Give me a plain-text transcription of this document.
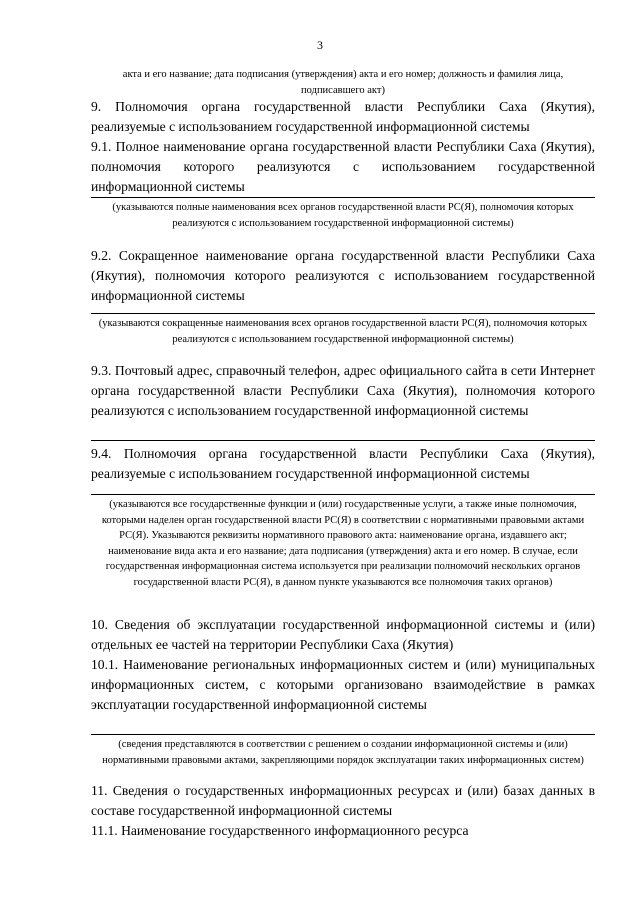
3
акта и его название; дата подписания (утверждения) акта и его номер; должность и фамилия лица, подписавшего акт)
9. Полномочия органа государственной власти Республики Саха (Якутия), реализуемые с использованием государственной информационной системы
9.1. Полное наименование органа государственной власти Республики Саха (Якутия), полномочия которого реализуются с использованием государственной информационной системы
(указываются полные наименования всех органов государственной власти РС(Я), полномочия которых реализуются с использованием государственной информационной системы)
9.2. Сокращенное наименование органа государственной власти Республики Саха (Якутия), полномочия которого реализуются с использованием государственной информационной системы
(указываются сокращенные наименования всех органов государственной власти РС(Я), полномочия которых реализуются с использованием государственной информационной системы)
9.3. Почтовый адрес, справочный телефон, адрес официального сайта в сети Интернет органа государственной власти Республики Саха (Якутия), полномочия которого реализуются с использованием государственной информационной системы
9.4. Полномочия органа государственной власти Республики Саха (Якутия), реализуемые с использованием государственной информационной системы
(указываются все государственные функции и (или) государственные услуги, а также иные полномочия, которыми наделен орган государственной власти РС(Я) в соответствии с нормативными правовыми актами РС(Я). Указываются реквизиты нормативного правового акта: наименование органа, издавшего акт; наименование вида акта и его название; дата подписания (утверждения) акта и его номер. В случае, если государственная информационная система используется при реализации полномочий нескольких органов государственной власти РС(Я), в данном пункте указываются все полномочия таких органов)
10. Сведения об эксплуатации государственной информационной системы и (или) отдельных ее частей на территории Республики Саха (Якутия)
10.1. Наименование региональных информационных систем и (или) муниципальных информационных систем, с которыми организовано взаимодействие в рамках эксплуатации государственной информационной системы
(сведения представляются в соответствии с решением о создании информационной системы и (или) нормативными правовыми актами, закрепляющими порядок эксплуатации таких информационных систем)
11. Сведения о государственных информационных ресурсах и (или) базах данных в составе государственной информационной системы
11.1. Наименование государственного информационного ресурса
